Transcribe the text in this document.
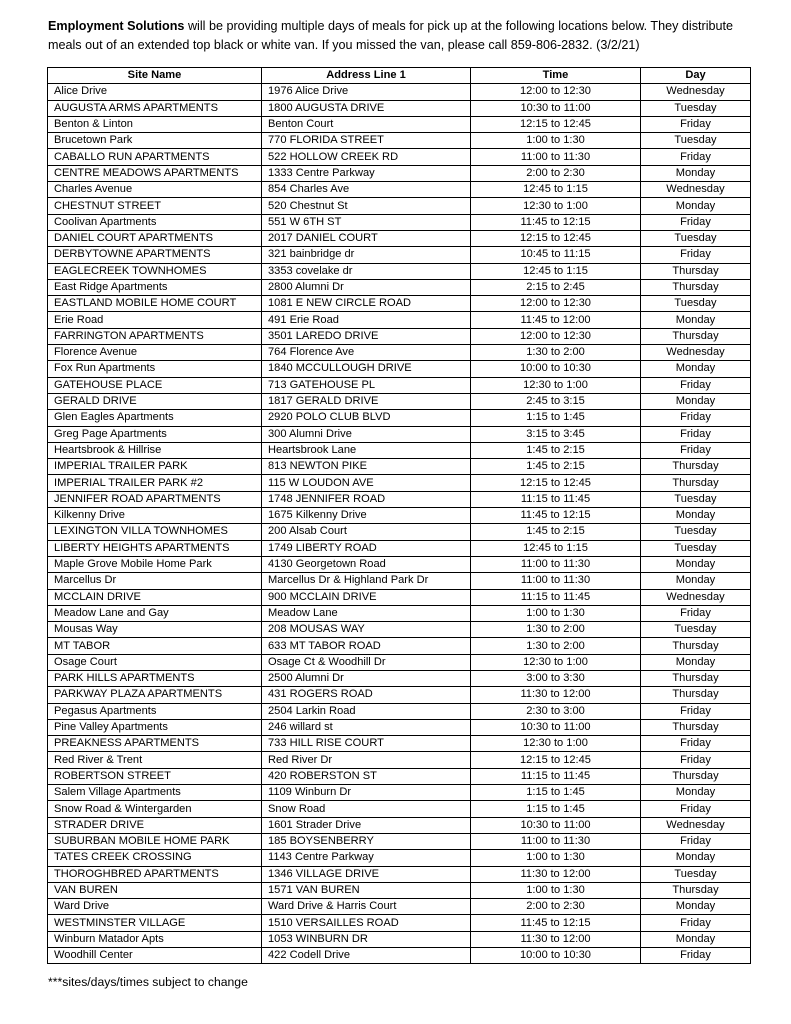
Employment Solutions will be providing multiple days of meals for pick up at the following locations below. They distribute meals out of an extended top black or white van. If you missed the van, please call 859-806-2832. (3/2/21)
Site Name	Address Line 1	Time	Day
Alice Drive	1976 Alice Drive	12:00 to 12:30	Wednesday
AUGUSTA ARMS APARTMENTS	1800 AUGUSTA DRIVE	10:30 to 11:00	Tuesday
Benton & Linton	Benton Court	12:15 to 12:45	Friday
Brucetown Park	770 FLORIDA STREET	1:00 to 1:30	Tuesday
CABALLO RUN APARTMENTS	522 HOLLOW CREEK RD	11:00 to 11:30	Friday
CENTRE MEADOWS APARTMENTS	1333 Centre Parkway	2:00 to 2:30	Monday
Charles Avenue	854 Charles Ave	12:45 to 1:15	Wednesday
CHESTNUT STREET	520 Chestnut St	12:30 to 1:00	Monday
Coolivan Apartments	551 W 6TH ST	11:45 to 12:15	Friday
DANIEL COURT APARTMENTS	2017 DANIEL COURT	12:15 to 12:45	Tuesday
DERBYTOWNE APARTMENTS	321 bainbridge dr	10:45 to 11:15	Friday
EAGLECREEK TOWNHOMES	3353 covelake dr	12:45 to 1:15	Thursday
East Ridge Apartments	2800 Alumni Dr	2:15 to 2:45	Thursday
EASTLAND MOBILE HOME COURT	1081 E NEW CIRCLE ROAD	12:00 to 12:30	Tuesday
Erie Road	491 Erie Road	11:45 to 12:00	Monday
FARRINGTON APARTMENTS	3501 LAREDO DRIVE	12:00 to 12:30	Thursday
Florence Avenue	764 Florence Ave	1:30 to 2:00	Wednesday
Fox Run Apartments	1840 MCCULLOUGH DRIVE	10:00 to 10:30	Monday
GATEHOUSE PLACE	713 GATEHOUSE PL	12:30 to 1:00	Friday
GERALD DRIVE	1817 GERALD DRIVE	2:45 to 3:15	Monday
Glen Eagles Apartments	2920 POLO CLUB BLVD	1:15 to 1:45	Friday
Greg Page Apartments	300 Alumni Drive	3:15 to 3:45	Friday
Heartsbrook & Hillrise	Heartsbrook Lane	1:45 to 2:15	Friday
IMPERIAL TRAILER PARK	813 NEWTON PIKE	1:45 to 2:15	Thursday
IMPERIAL TRAILER PARK #2	115 W LOUDON AVE	12:15 to 12:45	Thursday
JENNIFER ROAD APARTMENTS	1748 JENNIFER ROAD	11:15 to 11:45	Tuesday
Kilkenny Drive	1675 Kilkenny Drive	11:45 to 12:15	Monday
LEXINGTON VILLA TOWNHOMES	200 Alsab Court	1:45 to 2:15	Tuesday
LIBERTY HEIGHTS APARTMENTS	1749 LIBERTY ROAD	12:45 to 1:15	Tuesday
Maple Grove Mobile Home Park	4130 Georgetown Road	11:00 to 11:30	Monday
Marcellus Dr	Marcellus Dr & Highland Park Dr	11:00 to 11:30	Monday
MCCLAIN DRIVE	900 MCCLAIN DRIVE	11:15 to 11:45	Wednesday
Meadow Lane and Gay	Meadow Lane	1:00 to 1:30	Friday
Mousas Way	208 MOUSAS WAY	1:30 to 2:00	Tuesday
MT TABOR	633 MT TABOR ROAD	1:30 to 2:00	Thursday
Osage Court	Osage Ct & Woodhill Dr	12:30 to 1:00	Monday
PARK HILLS APARTMENTS	2500 Alumni Dr	3:00 to 3:30	Thursday
PARKWAY PLAZA APARTMENTS	431 ROGERS ROAD	11:30 to 12:00	Thursday
Pegasus Apartments	2504 Larkin Road	2:30 to 3:00	Friday
Pine Valley Apartments	246 willard st	10:30 to 11:00	Thursday
PREAKNESS APARTMENTS	733 HILL RISE COURT	12:30 to 1:00	Friday
Red River & Trent	Red River Dr	12:15 to 12:45	Friday
ROBERTSON STREET	420 ROBERSTON ST	11:15 to 11:45	Thursday
Salem Village Apartments	1109 Winburn Dr	1:15 to 1:45	Monday
Snow Road & Wintergarden	Snow Road	1:15 to 1:45	Friday
STRADER DRIVE	1601 Strader Drive	10:30 to 11:00	Wednesday
SUBURBAN MOBILE HOME PARK	185 BOYSENBERRY	11:00 to 11:30	Friday
TATES CREEK CROSSING	1143 Centre Parkway	1:00 to 1:30	Monday
THOROGHBRED APARTMENTS	1346 VILLAGE DRIVE	11:30 to 12:00	Tuesday
VAN BUREN	1571 VAN BUREN	1:00 to 1:30	Thursday
Ward Drive	Ward Drive & Harris Court	2:00 to 2:30	Monday
WESTMINSTER VILLAGE	1510 VERSAILLES ROAD	11:45 to 12:15	Friday
Winburn Matador Apts	1053 WINBURN DR	11:30 to 12:00	Monday
Woodhill Center	422 Codell Drive	10:00 to 10:30	Friday
***sites/days/times subject to change
